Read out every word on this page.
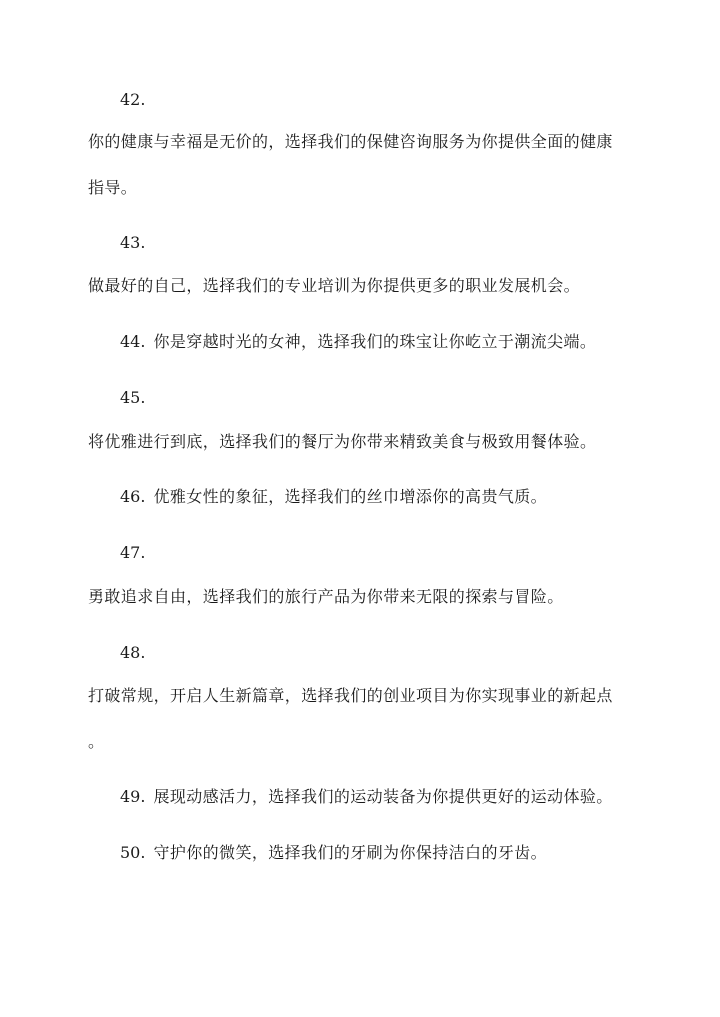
42.
你的健康与幸福是无价的，选择我们的保健咨询服务为你提供全面的健康
指导。
43.
做最好的自己，选择我们的专业培训为你提供更多的职业发展机会。
44. 你是穿越时光的女神，选择我们的珠宝让你屹立于潮流尖端。
45.
将优雅进行到底，选择我们的餐厅为你带来精致美食与极致用餐体验。
46. 优雅女性的象征，选择我们的丝巾增添你的高贵气质。
47.
勇敢追求自由，选择我们的旅行产品为你带来无限的探索与冒险。
48.
打破常规，开启人生新篇章，选择我们的创业项目为你实现事业的新起点
。
49. 展现动感活力，选择我们的运动装备为你提供更好的运动体验。
50. 守护你的微笑，选择我们的牙刷为你保持洁白的牙齿。
